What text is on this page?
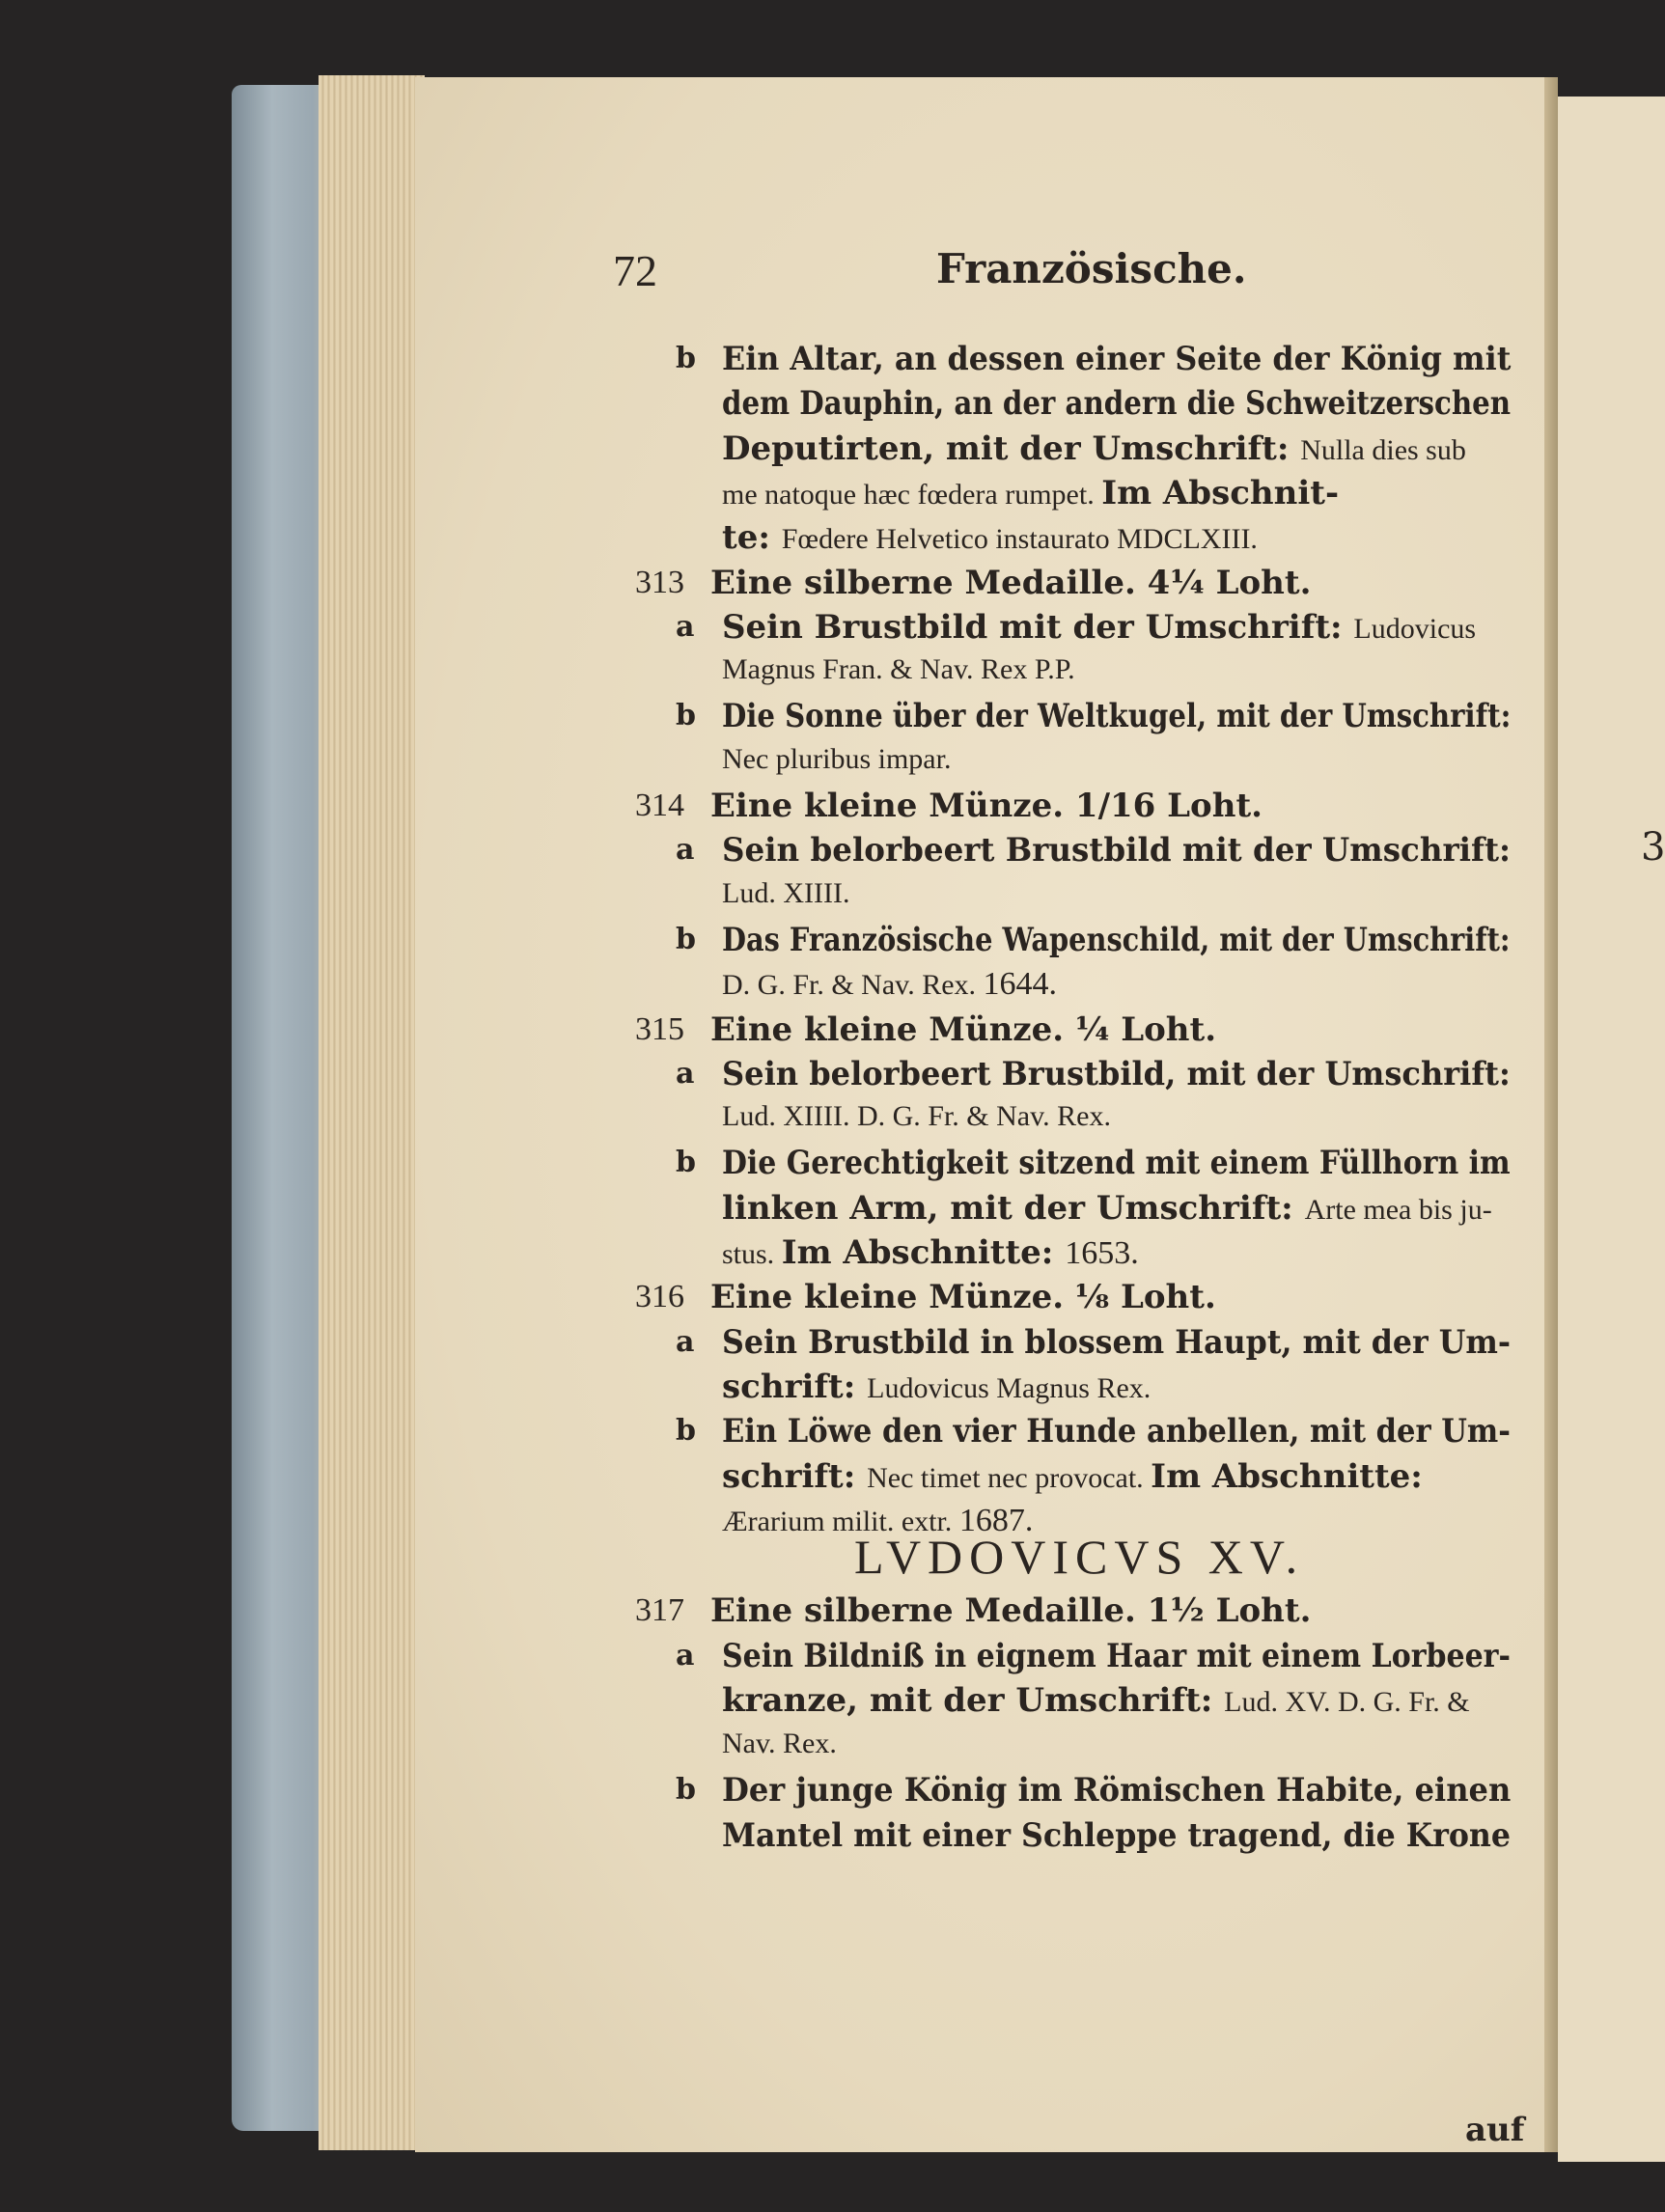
3
72	Französische.
b Ein Altar, an dessen einer Seite der König mit
dem Dauphin, an der andern die Schweitzerschen
Deputirten, mit der Umschrift: Nulla dies sub
me natoque hæc fœdera rumpet. Im Abschnit-
te: Fœdere Helvetico instaurato MDCLXIII.
313 Eine silberne Medaille. 4¼ Loht.
a Sein Brustbild mit der Umschrift: Ludovicus
Magnus Fran. & Nav. Rex P.P.
b Die Sonne über der Weltkugel, mit der Umschrift:
Nec pluribus impar.
314 Eine kleine Münze. 1/16 Loht.
a Sein belorbeert Brustbild mit der Umschrift:
Lud. XIIII.
b Das Französische Wapenschild, mit der Umschrift:
D. G. Fr. & Nav. Rex. 1644.
315 Eine kleine Münze. ¼ Loht.
a Sein belorbeert Brustbild, mit der Umschrift:
Lud. XIIII. D. G. Fr. & Nav. Rex.
b Die Gerechtigkeit sitzend mit einem Füllhorn im
linken Arm, mit der Umschrift: Arte mea bis ju-
stus. Im Abschnitte: 1653.
316 Eine kleine Münze. ⅛ Loht.
a Sein Brustbild in blossem Haupt, mit der Um-
schrift: Ludovicus Magnus Rex.
b Ein Löwe den vier Hunde anbellen, mit der Um-
schrift: Nec timet nec provocat. Im Abschnitte:
Ærarium milit. extr. 1687.
LVDOVICVS XV.
317 Eine silberne Medaille. 1½ Loht.
a Sein Bildniß in eignem Haar mit einem Lorbeer-
kranze, mit der Umschrift: Lud. XV. D. G. Fr. &
Nav. Rex.
b Der junge König im Römischen Habite, einen
Mantel mit einer Schleppe tragend, die Krone
auf
